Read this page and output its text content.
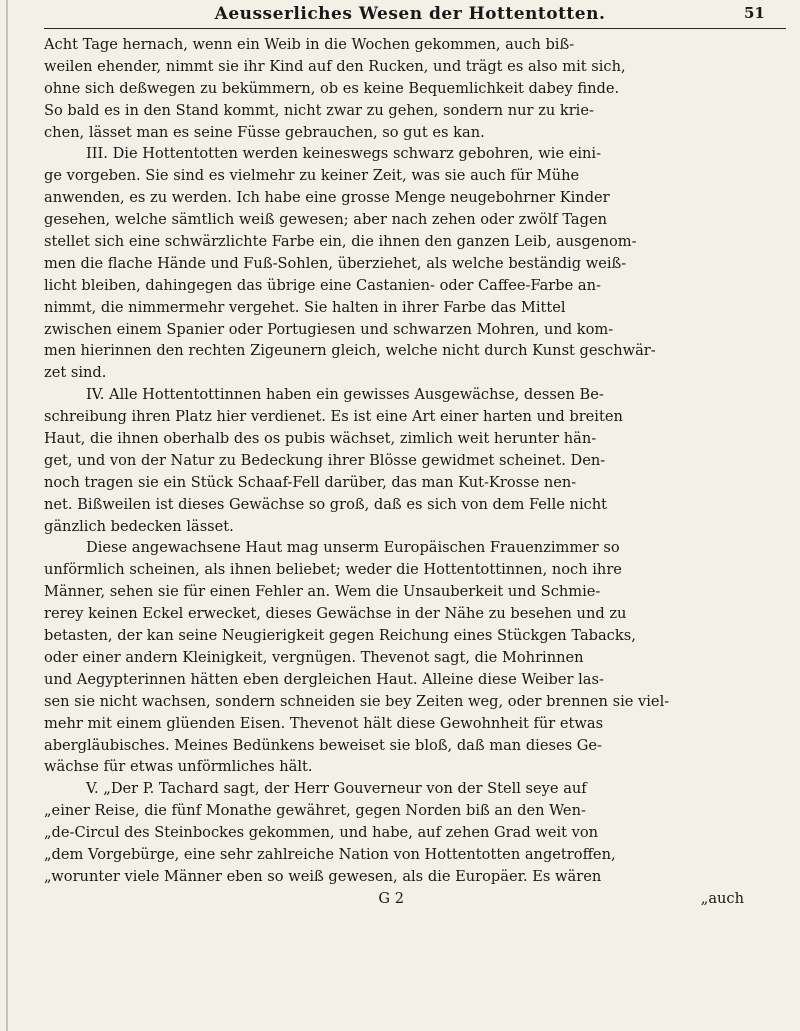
Aeusserliches Wesen der Hottentotten.	51
Acht Tage hernach, wenn ein Weib in die Wochen gekommen, auch biß-
weilen ehender, nimmt sie ihr Kind auf den Rucken, und trägt es also mit sich,
ohne sich deßwegen zu bekümmern, ob es keine Bequemlichkeit dabey finde.
So bald es in den Stand kommt, nicht zwar zu gehen, sondern nur zu krie-
chen, lässet man es seine Füsse gebrauchen, so gut es kan.
III. Die Hottentotten werden keineswegs schwarz gebohren, wie eini-
ge vorgeben. Sie sind es vielmehr zu keiner Zeit, was sie auch für Mühe
anwenden, es zu werden. Ich habe eine grosse Menge neugebohrner Kinder
gesehen, welche sämtlich weiß gewesen; aber nach zehen oder zwölf Tagen
stellet sich eine schwärzlichte Farbe ein, die ihnen den ganzen Leib, ausgenom-
men die flache Hände und Fuß-Sohlen, überziehet, als welche beständig weiß-
licht bleiben, dahingegen das übrige eine Castanien- oder Caffee-Farbe an-
nimmt, die nimmermehr vergehet. Sie halten in ihrer Farbe das Mittel
zwischen einem Spanier oder Portugiesen und schwarzen Mohren, und kom-
men hierinnen den rechten Zigeunern gleich, welche nicht durch Kunst geschwär-
zet sind.
IV. Alle Hottentottinnen haben ein gewisses Ausgewächse, dessen Be-
schreibung ihren Platz hier verdienet. Es ist eine Art einer harten und breiten
Haut, die ihnen oberhalb des os pubis wächset, zimlich weit herunter hän-
get, und von der Natur zu Bedeckung ihrer Blösse gewidmet scheinet. Den-
noch tragen sie ein Stück Schaaf-Fell darüber, das man Kut-Krosse nen-
net. Bißweilen ist dieses Gewächse so groß, daß es sich von dem Felle nicht
gänzlich bedecken lässet.
Diese angewachsene Haut mag unserm Europäischen Frauenzimmer so
unförmlich scheinen, als ihnen beliebet; weder die Hottentottinnen, noch ihre
Männer, sehen sie für einen Fehler an. Wem die Unsauberkeit und Schmie-
rerey keinen Eckel erwecket, dieses Gewächse in der Nähe zu besehen und zu
betasten, der kan seine Neugierigkeit gegen Reichung eines Stückgen Tabacks,
oder einer andern Kleinigkeit, vergnügen. Thevenot sagt, die Mohrinnen
und Aegypterinnen hätten eben dergleichen Haut. Alleine diese Weiber las-
sen sie nicht wachsen, sondern schneiden sie bey Zeiten weg, oder brennen sie viel-
mehr mit einem glüenden Eisen. Thevenot hält diese Gewohnheit für etwas
abergläubisches. Meines Bedünkens beweiset sie bloß, daß man dieses Ge-
wächse für etwas unförmliches hält.
V. „Der P. Tachard sagt, der Herr Gouverneur von der Stell seye auf
„einer Reise, die fünf Monathe gewähret, gegen Norden biß an den Wen-
„de-Circul des Steinbockes gekommen, und habe, auf zehen Grad weit von
„dem Vorgebürge, eine sehr zahlreiche Nation von Hottentotten angetroffen,
„worunter viele Männer eben so weiß gewesen, als die Europäer. Es wären
G 2	„auch
